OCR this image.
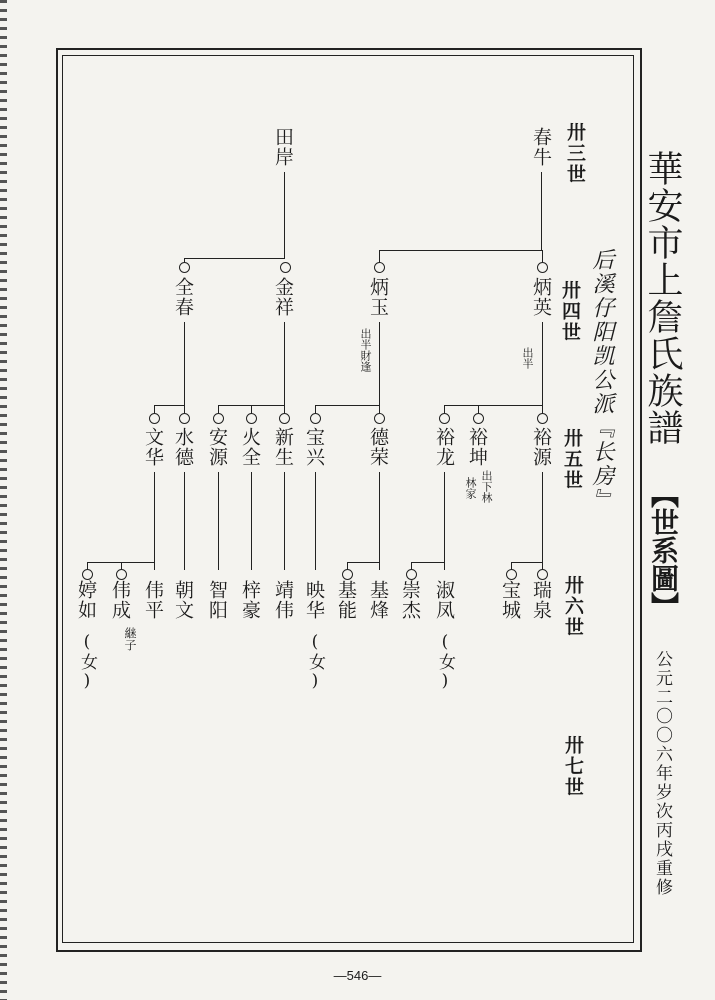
華安市上詹氏族譜
【世系圖】
公元二〇〇六年岁次丙戌重修
后溪仔阳凯公派『长房』
卅三世
卅四世
卅五世
卅六世
卅七世
春牛
田岸
炳英
出半
炳玉
出半財逢
金祥
全春
裕源
裕坤
出下林
林家
裕龙
德荣
宝兴
新生
火全
安源
水德
文华
瑞泉
宝城
淑凤
(女)
崇杰
基烽
基能
映华
(女)
靖伟
梓豪
智阳
朝文
伟平
伟成
継子
婷如
(女)
—546—
